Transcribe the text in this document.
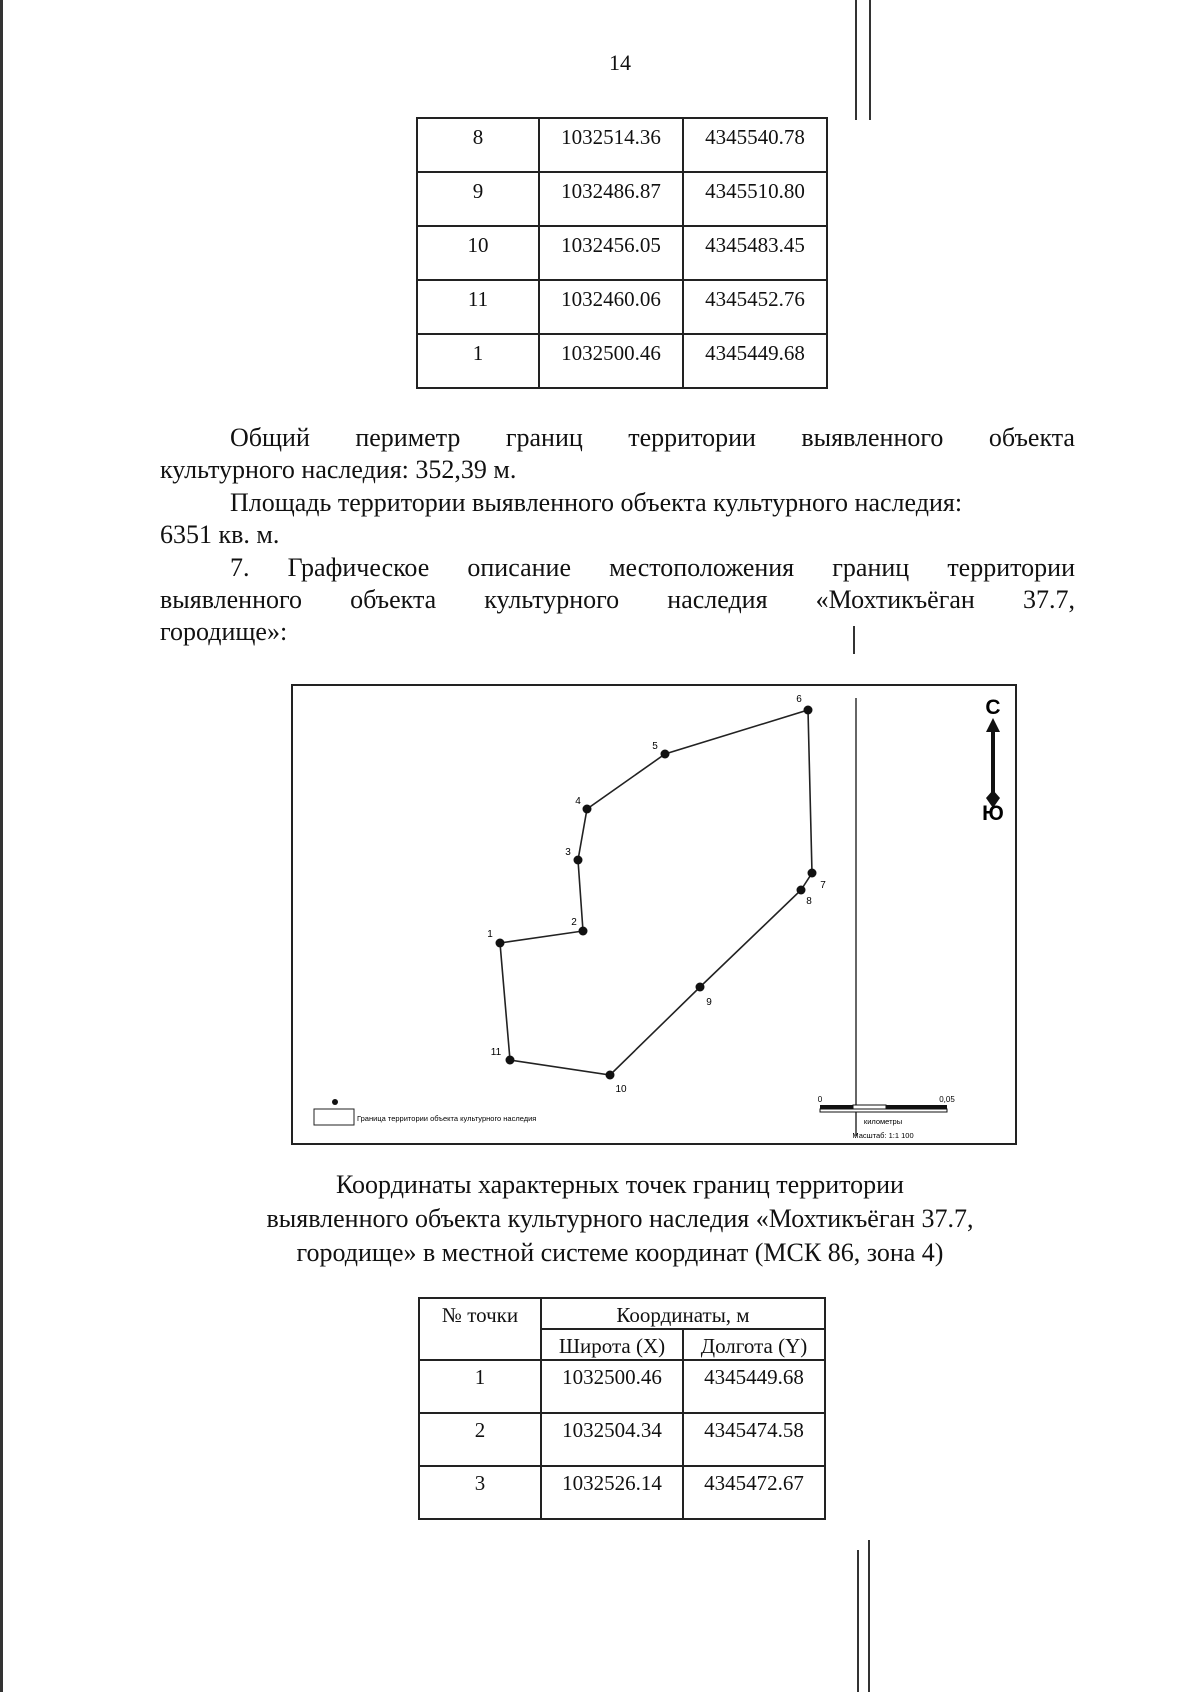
14
8	1032514.36	4345540.78
9	1032486.87	4345510.80
10	1032456.05	4345483.45
11	1032460.06	4345452.76
1	1032500.46	4345449.68
Общий периметр границ территории выявленного объекта
культурного наследия: 352,39 м.
Площадь территории выявленного объекта культурного наследия:
6351 кв. м.
7. Графическое описание местоположения границ территории
выявленного объекта культурного наследия «Мохтикъёган 37.7,
городище»:
1
2
3
4
5
6
7
8
9
10
11
С
Ю
Граница территории объекта культурного наследия
0	0,05
километры
Масштаб: 1:1 100
Координаты характерных точек границ территории
выявленного объекта культурного наследия «Мохтикъёган 37.7,
городище» в местной системе координат (МСК 86, зона 4)
№ точки	Координаты, м	
	Широта (X)	Долгота (Y)
1	1032500.46	4345449.68
2	1032504.34	4345474.58
3	1032526.14	4345472.67
